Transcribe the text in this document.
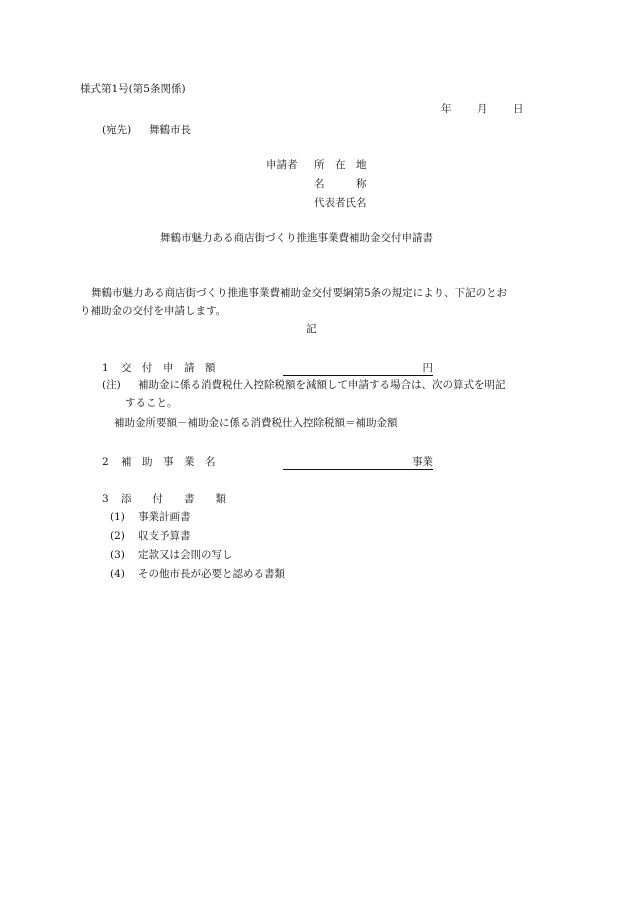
様式第1号(第5条関係)
年 月 日
(宛先) 舞鶴市長
申請者 所　在　地
名　　　称
代表者氏名
舞鶴市魅力ある商店街づくり推進事業費補助金交付申請書
舞鶴市魅力ある商店街づくり推進事業費補助金交付要綱第5条の規定により、下記のとお
り補助金の交付を申請します。
記
1 交　付　申　請　額	円
(注) 補助金に係る消費税仕入控除税額を減額して申請する場合は、次の算式を明記
すること。
補助金所要額－補助金に係る消費税仕入控除税額＝補助金額
2 補　助　事　業　名	事業
3 添　　付　　書　　類
(1) 事業計画書
(2) 収支予算書
(3) 定款又は会則の写し
(4) その他市長が必要と認める書類
